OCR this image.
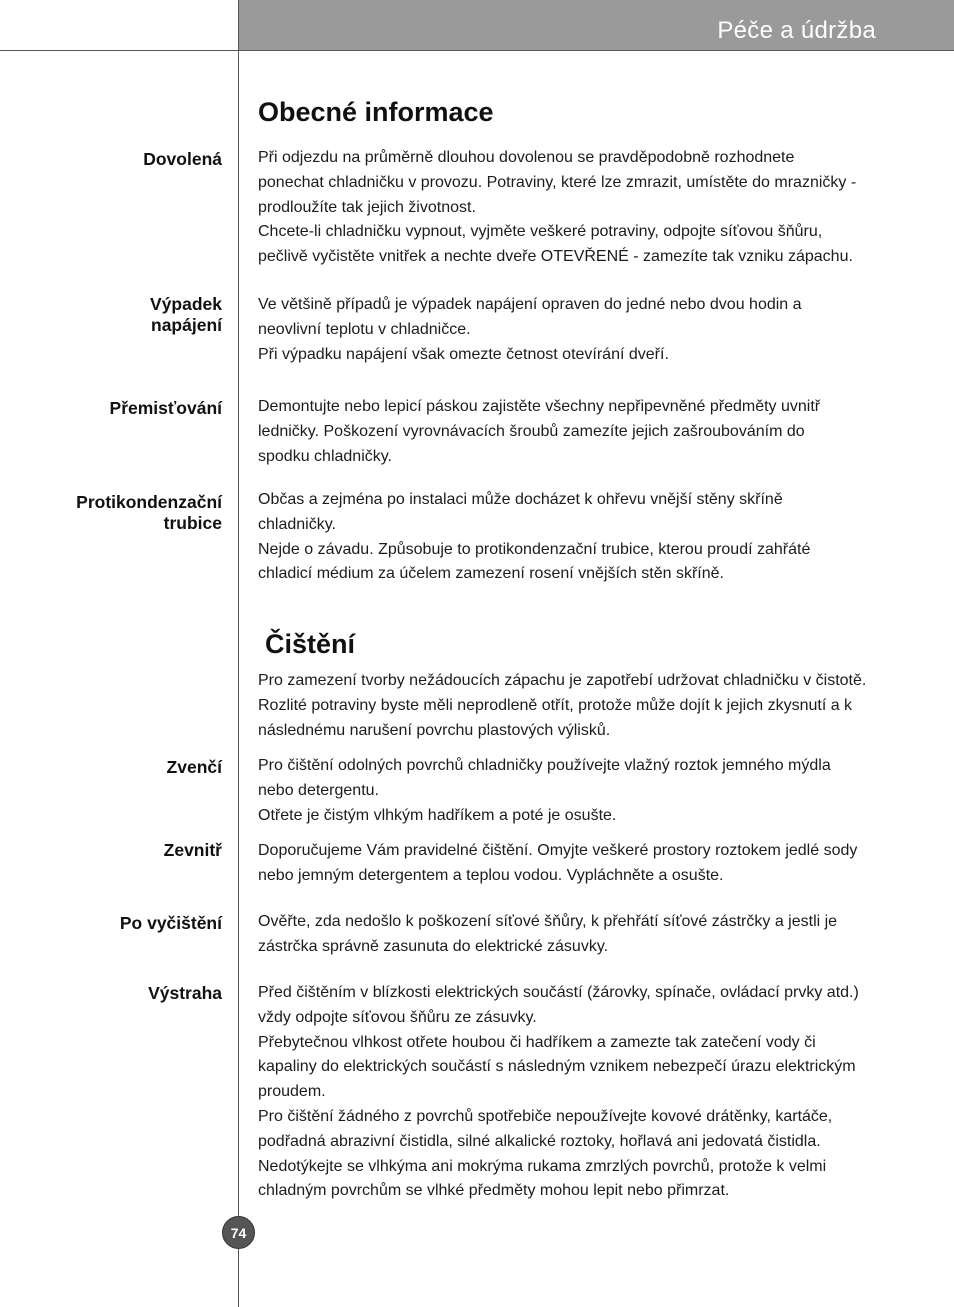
Péče a údržba
Obecné informace
Dovolená Při odjezdu na průměrně dlouhou dovolenou se pravděpodobně rozhodnete
ponechat chladničku v provozu. Potraviny, které lze zmrazit, umístěte do mrazničky -
prodloužíte tak jejich životnost.
Chcete-li chladničku vypnout, vyjměte veškeré potraviny, odpojte síťovou šňůru,
pečlivě vyčistěte vnitřek a nechte dveře OTEVŘENÉ - zamezíte tak vzniku zápachu.
Výpadek
napájení
Ve většině případů je výpadek napájení opraven do jedné nebo dvou hodin a
neovlivní teplotu v chladničce.
Při výpadku napájení však omezte četnost otevírání dveří.
Přemisťování Demontujte nebo lepicí páskou zajistěte všechny nepřipevněné předměty uvnitř
ledničky. Poškození vyrovnávacích šroubů zamezíte jejich zašroubováním do
spodku chladničky.
Protikondenzační
trubice
Občas a zejména po instalaci může docházet k ohřevu vnější stěny skříně
chladničky.
Nejde o závadu. Způsobuje to protikondenzační trubice, kterou proudí zahřáté
chladicí médium za účelem zamezení rosení vnějších stěn skříně.
Čištění
Pro zamezení tvorby nežádoucích zápachu je zapotřebí udržovat chladničku v čistotě.
Rozlité potraviny byste měli neprodleně otřít, protože může dojít k jejich zkysnutí a k
následnému narušení povrchu plastových výlisků.
Zvenčí Pro čištění odolných povrchů chladničky používejte vlažný roztok jemného mýdla
nebo detergentu.
Otřete je čistým vlhkým hadříkem a poté je osušte.
Zevnitř Doporučujeme Vám pravidelné čištění. Omyjte veškeré prostory roztokem jedlé sody
nebo jemným detergentem a teplou vodou. Vypláchněte a osušte.
Po vyčištění Ověřte, zda nedošlo k poškození síťové šňůry, k přehřátí síťové zástrčky a jestli je
zástrčka správně zasunuta do elektrické zásuvky.
Výstraha Před čištěním v blízkosti elektrických součástí (žárovky, spínače, ovládací prvky atd.)
vždy odpojte síťovou šňůru ze zásuvky.
Přebytečnou vlhkost otřete houbou či hadříkem a zamezte tak zatečení vody či
kapaliny do elektrických součástí s následným vznikem nebezpečí úrazu elektrickým
proudem.
Pro čištění žádného z povrchů spotřebiče nepoužívejte kovové drátěnky, kartáče,
podřadná abrazivní čistidla, silné alkalické roztoky, hořlavá ani jedovatá čistidla.
Nedotýkejte se vlhkýma ani mokrýma rukama zmrzlých povrchů, protože k velmi
chladným povrchům se vlhké předměty mohou lepit nebo přimrzat.
74
